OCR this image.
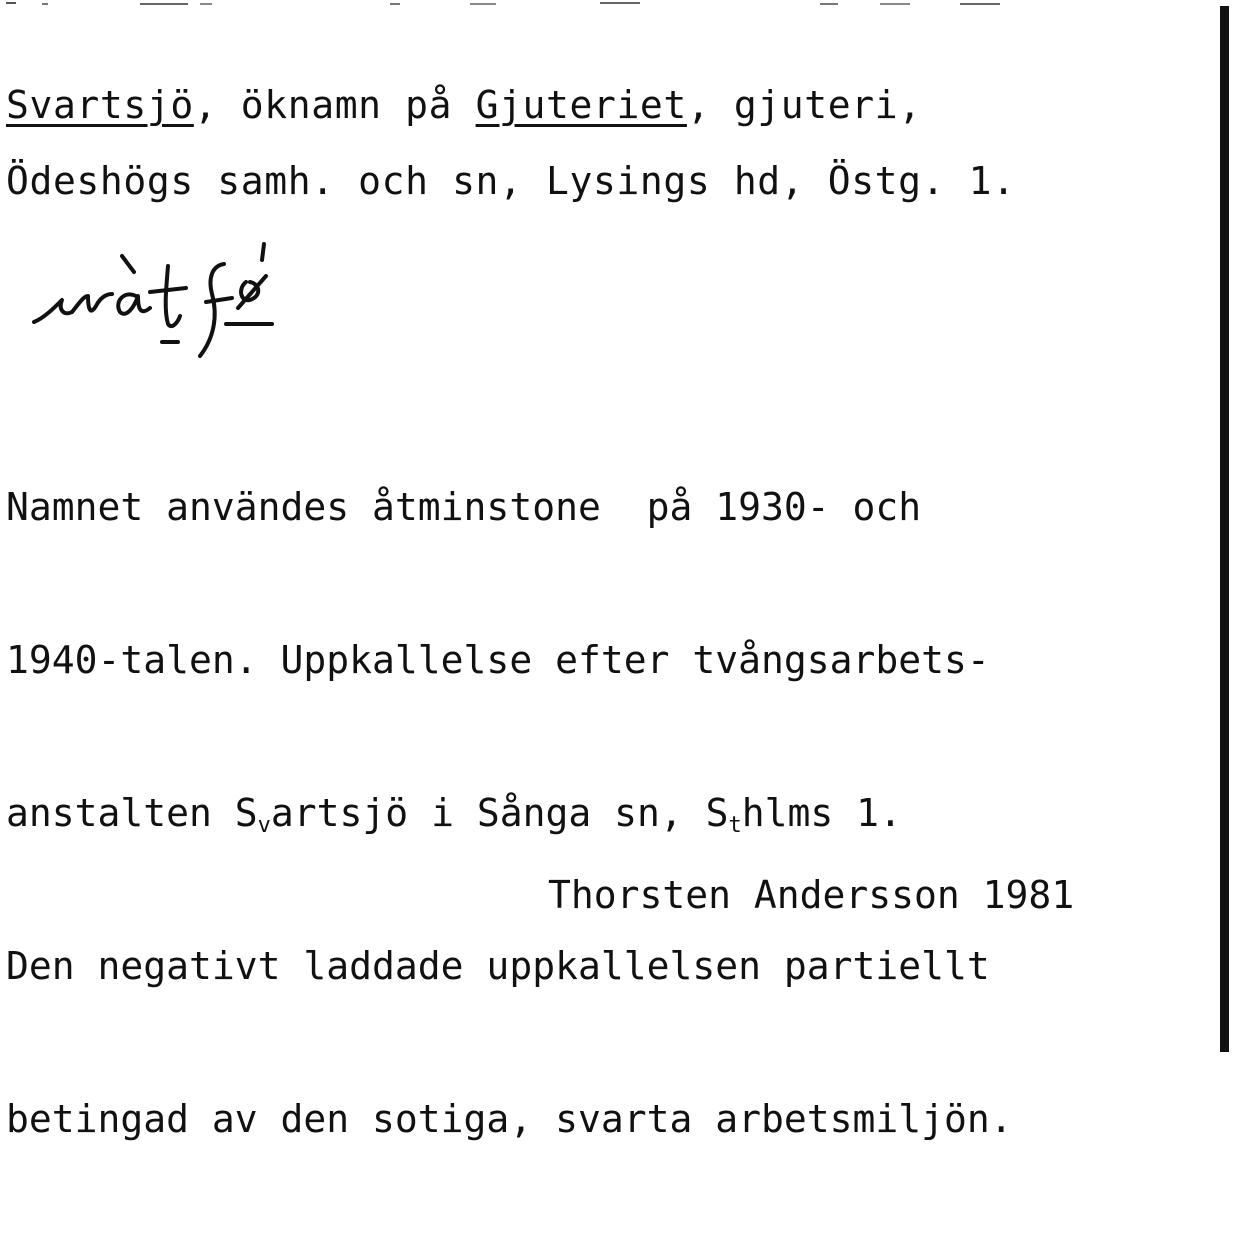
Svartsjö, öknamn på Gjuteriet, gjuteri,
Ödeshögs samh. och sn, Lysings hd, Östg. 1.

Namnet användes åtminstone  på 1930- och

1940-talen. Uppkallelse efter tvångsarbets-

anstalten Svartsjö i Sånga sn, Sthlms 1.

Den negativt laddade uppkallelsen partiellt

betingad av den sotiga, svarta arbetsmiljön.

Thorsten Andersson 1981
